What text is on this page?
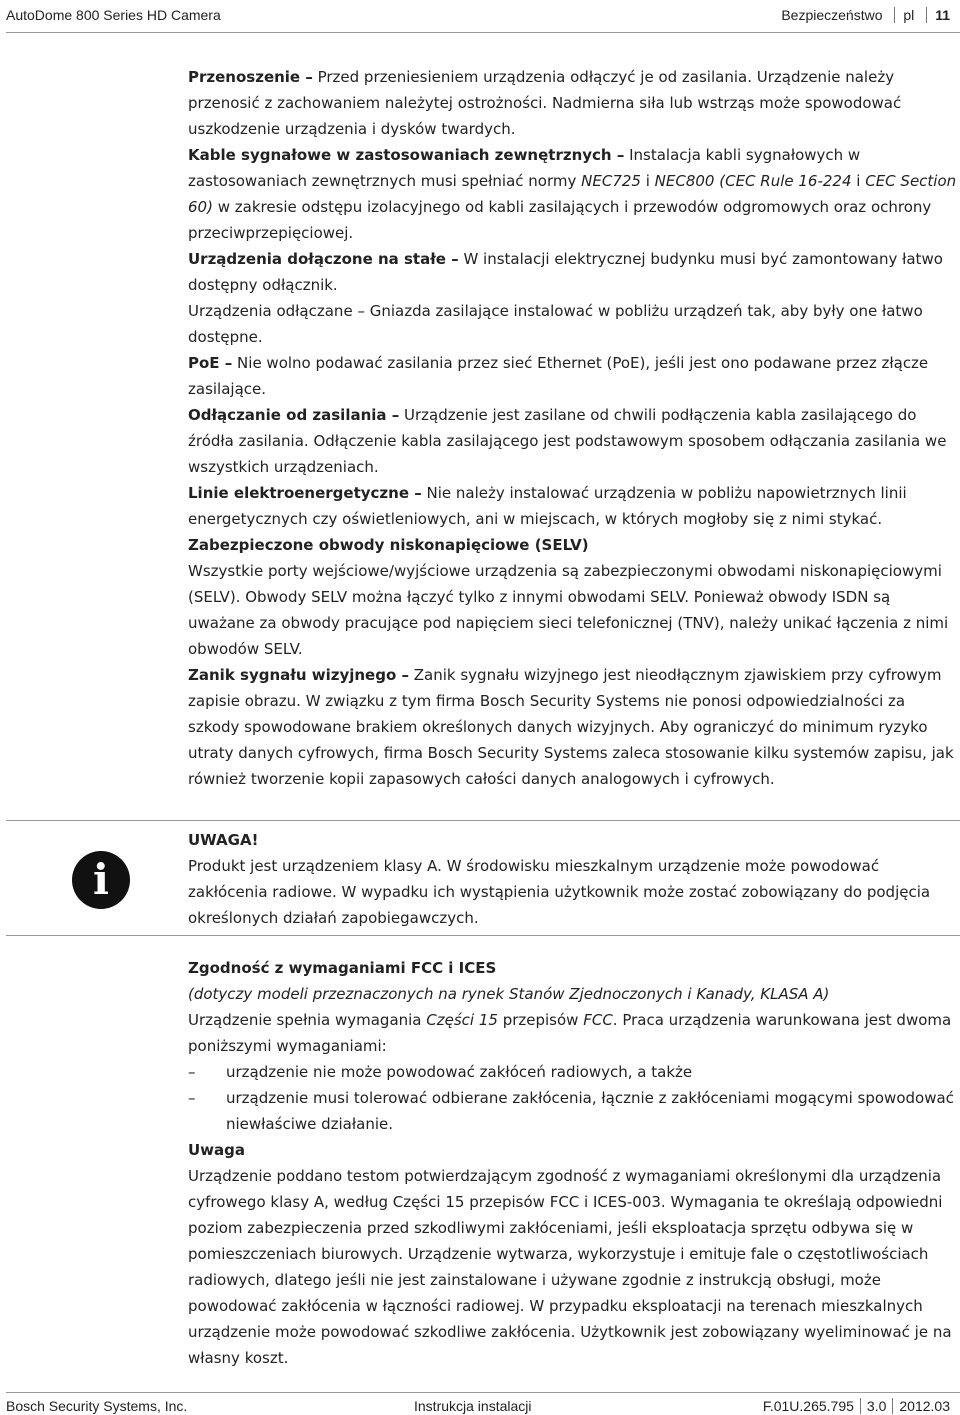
AutoDome 800 Series HD Camera	Bezpieczeństwo pl 11

Przenoszenie – Przed przeniesieniem urządzenia odłączyć je od zasilania. Urządzenie należy przenosić z zachowaniem należytej ostrożności. Nadmierna siła lub wstrząs może spowodować uszkodzenie urządzenia i dysków twardych.

Kable sygnałowe w zastosowaniach zewnętrznych – Instalacja kabli sygnałowych w zastosowaniach zewnętrznych musi spełniać normy NEC725 i NEC800 (CEC Rule 16-224 i CEC Section 60) w zakresie odstępu izolacyjnego od kabli zasilających i przewodów odgromowych oraz ochrony przeciwprzepięciowej.

Urządzenia dołączone na stałe – W instalacji elektrycznej budynku musi być zamontowany łatwo dostępny odłącznik.

Urządzenia odłączane – Gniazda zasilające instalować w pobliżu urządzeń tak, aby były one łatwo dostępne.

PoE – Nie wolno podawać zasilania przez sieć Ethernet (PoE), jeśli jest ono podawane przez złącze zasilające.

Odłączanie od zasilania – Urządzenie jest zasilane od chwili podłączenia kabla zasilającego do źródła zasilania. Odłączenie kabla zasilającego jest podstawowym sposobem odłączania zasilania we wszystkich urządzeniach.

Linie elektroenergetyczne – Nie należy instalować urządzenia w pobliżu napowietrznych linii energetycznych czy oświetleniowych, ani w miejscach, w których mogłoby się z nimi stykać.

Zabezpieczone obwody niskonapięciowe (SELV)

Wszystkie porty wejściowe/wyjściowe urządzenia są zabezpieczonymi obwodami niskonapięciowymi (SELV). Obwody SELV można łączyć tylko z innymi obwodami SELV. Ponieważ obwody ISDN są uważane za obwody pracujące pod napięciem sieci telefonicznej (TNV), należy unikać łączenia z nimi obwodów SELV.

Zanik sygnału wizyjnego – Zanik sygnału wizyjnego jest nieodłącznym zjawiskiem przy cyfrowym zapisie obrazu. W związku z tym firma Bosch Security Systems nie ponosi odpowiedzialności za szkody spowodowane brakiem określonych danych wizyjnych. Aby ograniczyć do minimum ryzyko utraty danych cyfrowych, firma Bosch Security Systems zaleca stosowanie kilku systemów zapisu, jak również tworzenie kopii zapasowych całości danych analogowych i cyfrowych.

i

UWAGA!

Produkt jest urządzeniem klasy A. W środowisku mieszkalnym urządzenie może powodować zakłócenia radiowe. W wypadku ich wystąpienia użytkownik może zostać zobowiązany do podjęcia określonych działań zapobiegawczych.

Zgodność z wymaganiami FCC i ICES

(dotyczy modeli przeznaczonych na rynek Stanów Zjednoczonych i Kanady, KLASA A)

Urządzenie spełnia wymagania Części 15 przepisów FCC. Praca urządzenia warunkowana jest dwoma poniższymi wymaganiami:

– urządzenie nie może powodować zakłóceń radiowych, a także

– urządzenie musi tolerować odbierane zakłócenia, łącznie z zakłóceniami mogącymi spowodować niewłaściwe działanie.

Uwaga

Urządzenie poddano testom potwierdzającym zgodność z wymaganiami określonymi dla urządzenia cyfrowego klasy A, według Części 15 przepisów FCC i ICES-003. Wymagania te określają odpowiedni poziom zabezpieczenia przed szkodliwymi zakłóceniami, jeśli eksploatacja sprzętu odbywa się w pomieszczeniach biurowych. Urządzenie wytwarza, wykorzystuje i emituje fale o częstotliwościach radiowych, dlatego jeśli nie jest zainstalowane i używane zgodnie z instrukcją obsługi, może powodować zakłócenia w łączności radiowej. W przypadku eksploatacji na terenach mieszkalnych urządzenie może powodować szkodliwe zakłócenia. Użytkownik jest zobowiązany wyeliminować je na własny koszt.

Bosch Security Systems, Inc.	Instrukcja instalacji	F.01U.265.795 3.0 2012.03
